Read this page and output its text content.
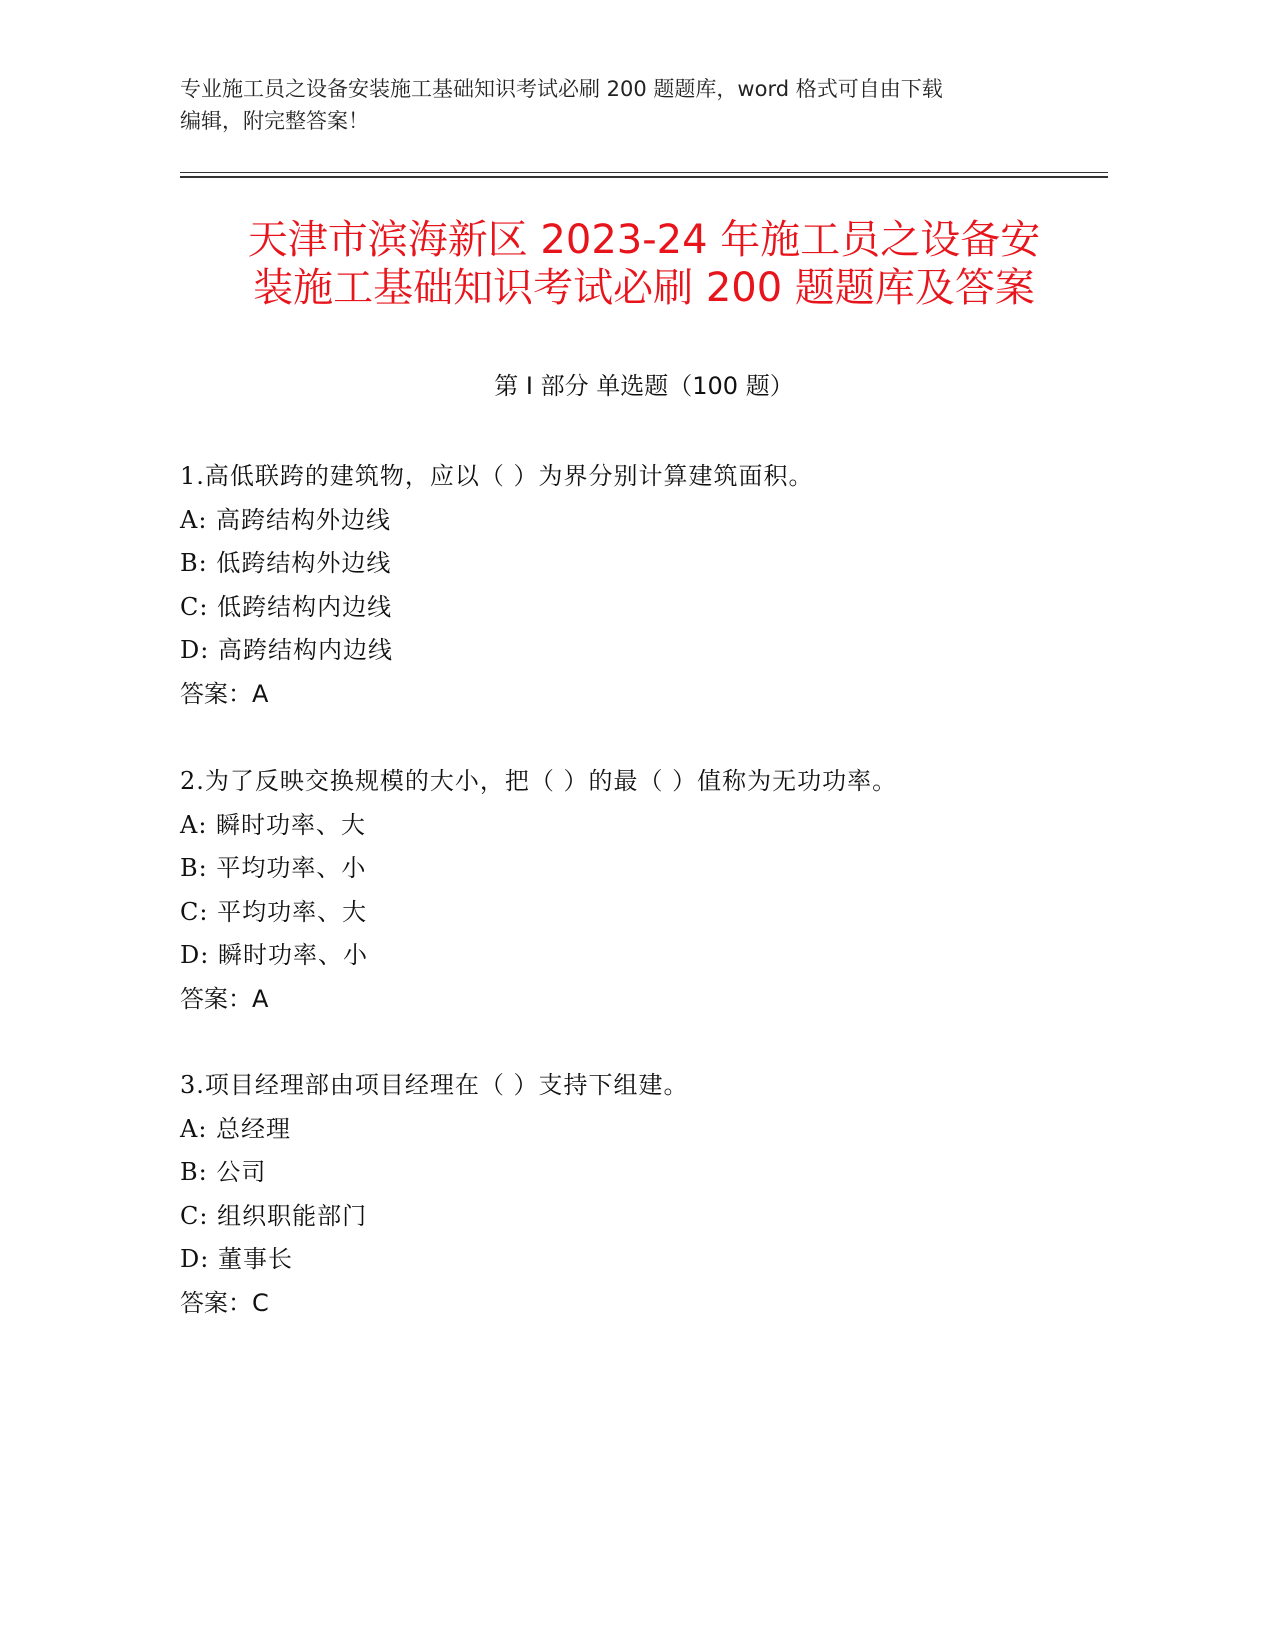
专业施工员之设备安装施工基础知识考试必刷 200 题题库，word 格式可自由下载
编辑，附完整答案！
天津市滨海新区 2023-24 年施工员之设备安
装施工基础知识考试必刷 200 题题库及答案
第 I 部分 单选题（100 题）
1.高低联跨的建筑物，应以（ ）为界分别计算建筑面积。
A: 高跨结构外边线
B: 低跨结构外边线
C: 低跨结构内边线
D: 高跨结构内边线
答案：A
2.为了反映交换规模的大小，把（ ）的最（ ）值称为无功功率。
A: 瞬时功率、大
B: 平均功率、小
C: 平均功率、大
D: 瞬时功率、小
答案：A
3.项目经理部由项目经理在（ ）支持下组建。
A: 总经理
B: 公司
C: 组织职能部门
D: 董事长
答案：C
